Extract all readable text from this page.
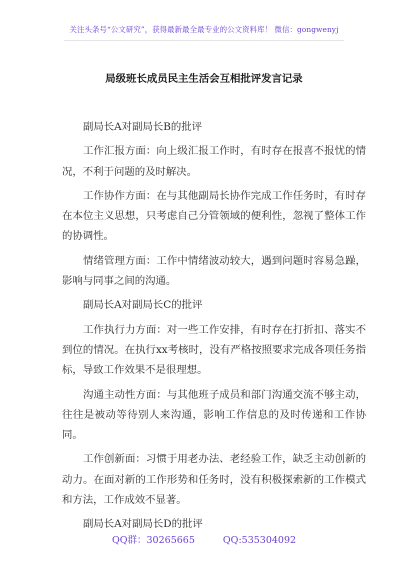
关注头条号“公文研究”，获得最新最全最专业的公文资料库！ 微信：gongwenyj
局级班长成员民主生活会互相批评发言记录

副局长A对副局长B的批评

工作汇报方面：向上级汇报工作时，有时存在报喜不报忧的情况，不利于问题的及时解决。

工作协作方面：在与其他副局长协作完成工作任务时，有时存在本位主义思想，只考虑自己分管领域的便利性，忽视了整体工作的协调性。

情绪管理方面：工作中情绪波动较大，遇到问题时容易急躁，影响与同事之间的沟通。

副局长A对副局长C的批评

工作执行力方面：对一些工作安排，有时存在打折扣、落实不到位的情况。在执行xx考核时，没有严格按照要求完成各项任务指标，导致工作效果不是很理想。

沟通主动性方面：与其他班子成员和部门沟通交流不够主动，往往是被动等待别人来沟通，影响工作信息的及时传递和工作协同。

工作创新面：习惯于用老办法、老经验工作，缺乏主动创新的动力。在面对新的工作形势和任务时，没有积极探索新的工作模式和方法，工作成效不显著。

副局长A对副局长D的批评

QQ群：30265665	QQ:535304092
